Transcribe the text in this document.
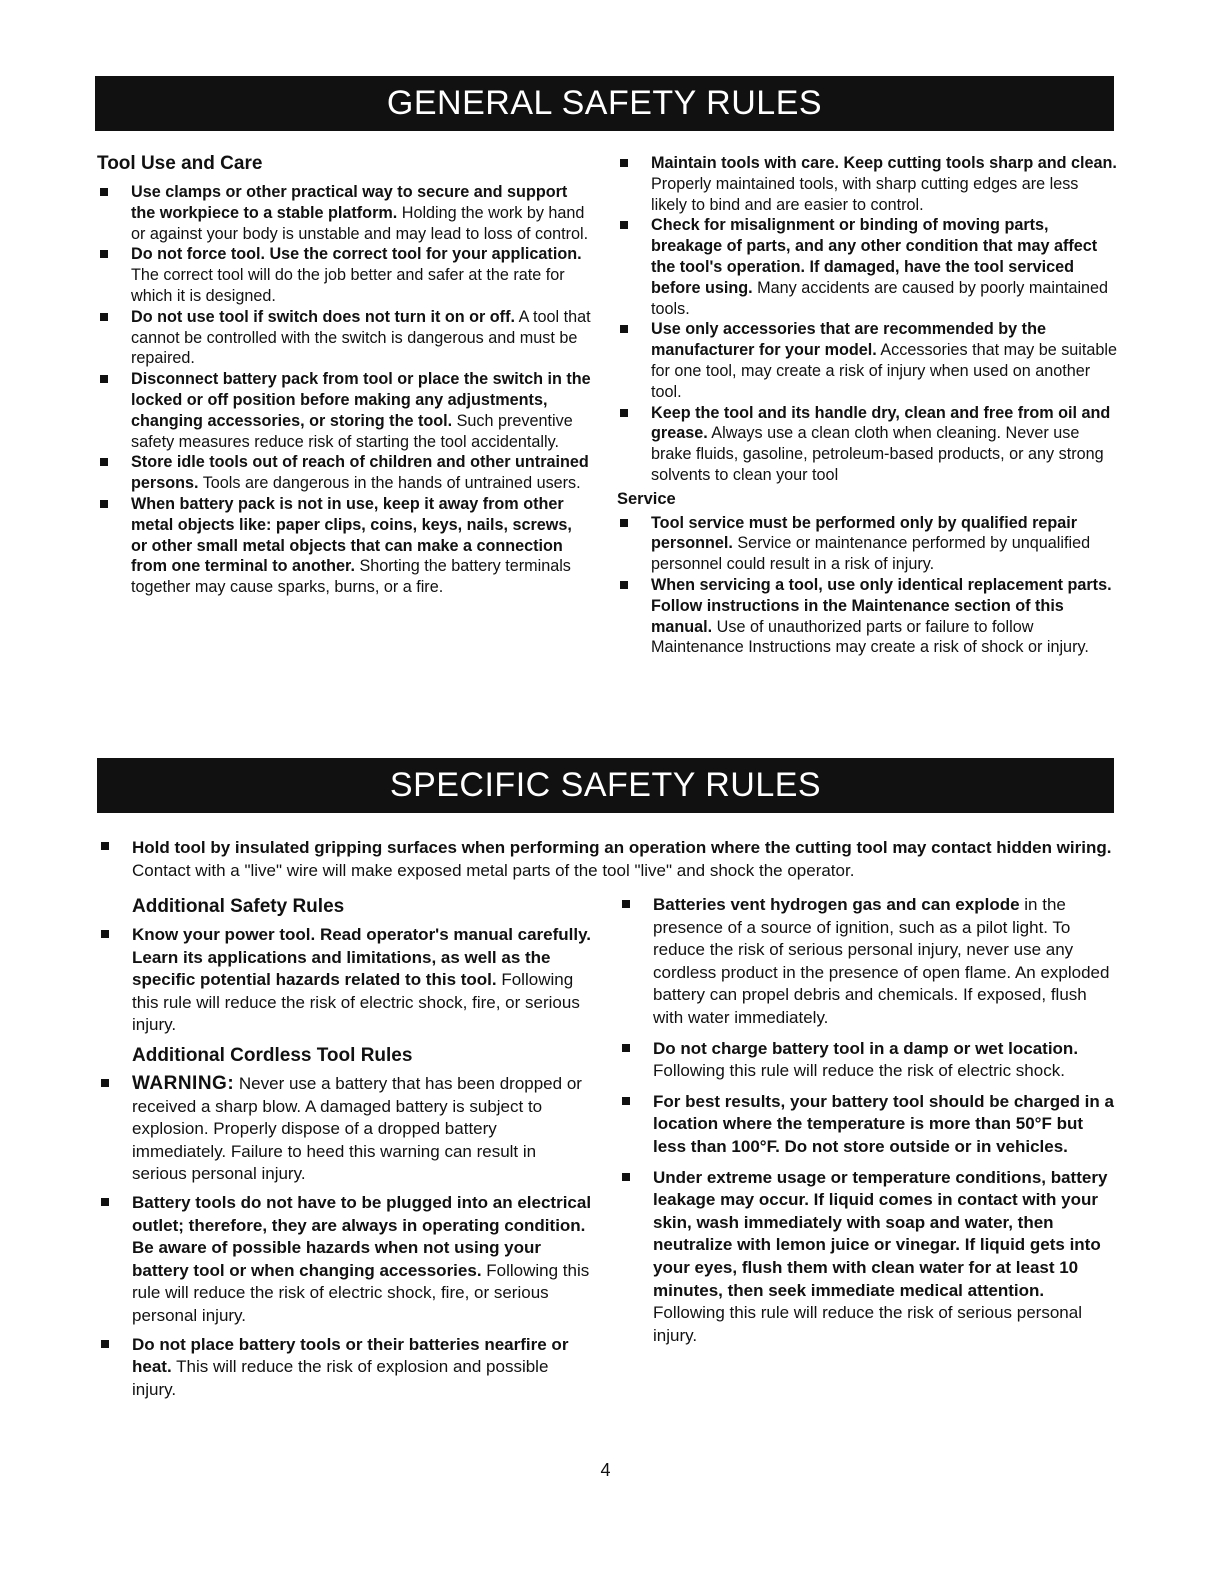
GENERAL SAFETY RULES
Tool Use and Care
Use clamps or other practical way to secure and support the workpiece to a stable platform. Holding the work by hand or against your body is unstable and may lead to loss of control.
Do not force tool. Use the correct tool for your application. The correct tool will do the job better and safer at the rate for which it is designed.
Do not use tool if switch does not turn it on or off. A tool that cannot be controlled with the switch is dangerous and must be repaired.
Disconnect battery pack from tool or place the switch in the locked or off position before making any adjustments, changing accessories, or storing the tool. Such preventive safety measures reduce risk of starting the tool accidentally.
Store idle tools out of reach of children and other untrained persons. Tools are dangerous in the hands of untrained users.
When battery pack is not in use, keep it away from other metal objects like: paper clips, coins, keys, nails, screws, or other small metal objects that can make a connection from one terminal to another. Shorting the battery terminals together may cause sparks, burns, or a fire.
Maintain tools with care. Keep cutting tools sharp and clean. Properly maintained tools, with sharp cutting edges are less likely to bind and are easier to control.
Check for misalignment or binding of moving parts, breakage of parts, and any other condition that may affect the tool's operation. If damaged, have the tool serviced before using. Many accidents are caused by poorly maintained tools.
Use only accessories that are recommended by the manufacturer for your model. Accessories that may be suitable for one tool, may create a risk of injury when used on another tool.
Keep the tool and its handle dry, clean and free from oil and grease. Always use a clean cloth when cleaning. Never use brake fluids, gasoline, petroleum-based products, or any strong solvents to clean your tool
Service
Tool service must be performed only by qualified repair personnel. Service or maintenance performed by unqualified personnel could result in a risk of injury.
When servicing a tool, use only identical replacement parts. Follow instructions in the Maintenance section of this manual. Use of unauthorized parts or failure to follow Maintenance Instructions may create a risk of shock or injury.
SPECIFIC SAFETY RULES
Hold tool by insulated gripping surfaces when performing an operation where the cutting tool may contact hidden wiring. Contact with a "live" wire will make exposed metal parts of the tool "live" and shock the operator.
Additional Safety Rules
Know your power tool. Read operator's manual carefully. Learn its applications and limitations, as well as the specific potential hazards related to this tool. Following this rule will reduce the risk of electric shock, fire, or serious injury.
Additional Cordless Tool Rules
WARNING: Never use a battery that has been dropped or received a sharp blow. A damaged battery is subject to explosion. Properly dispose of a dropped battery immediately. Failure to heed this warning can result in serious personal injury.
Battery tools do not have to be plugged into an electrical outlet; therefore, they are always in operating condition. Be aware of possible hazards when not using your battery tool or when changing accessories. Following this rule will reduce the risk of electric shock, fire, or serious personal injury.
Do not place battery tools or their batteries nearfire or heat. This will reduce the risk of explosion and possible injury.
Batteries vent hydrogen gas and can explode in the presence of a source of ignition, such as a pilot light. To reduce the risk of serious personal injury, never use any cordless product in the presence of open flame. An exploded battery can propel debris and chemicals. If exposed, flush with water immediately.
Do not charge battery tool in a damp or wet location. Following this rule will reduce the risk of electric shock.
For best results, your battery tool should be charged in a location where the temperature is more than 50°F but less than 100°F. Do not store outside or in vehicles.
Under extreme usage or temperature conditions, battery leakage may occur. If liquid comes in contact with your skin, wash immediately with soap and water, then neutralize with lemon juice or vinegar. If liquid gets into your eyes, flush them with clean water for at least 10 minutes, then seek immediate medical attention. Following this rule will reduce the risk of serious personal injury.
4
